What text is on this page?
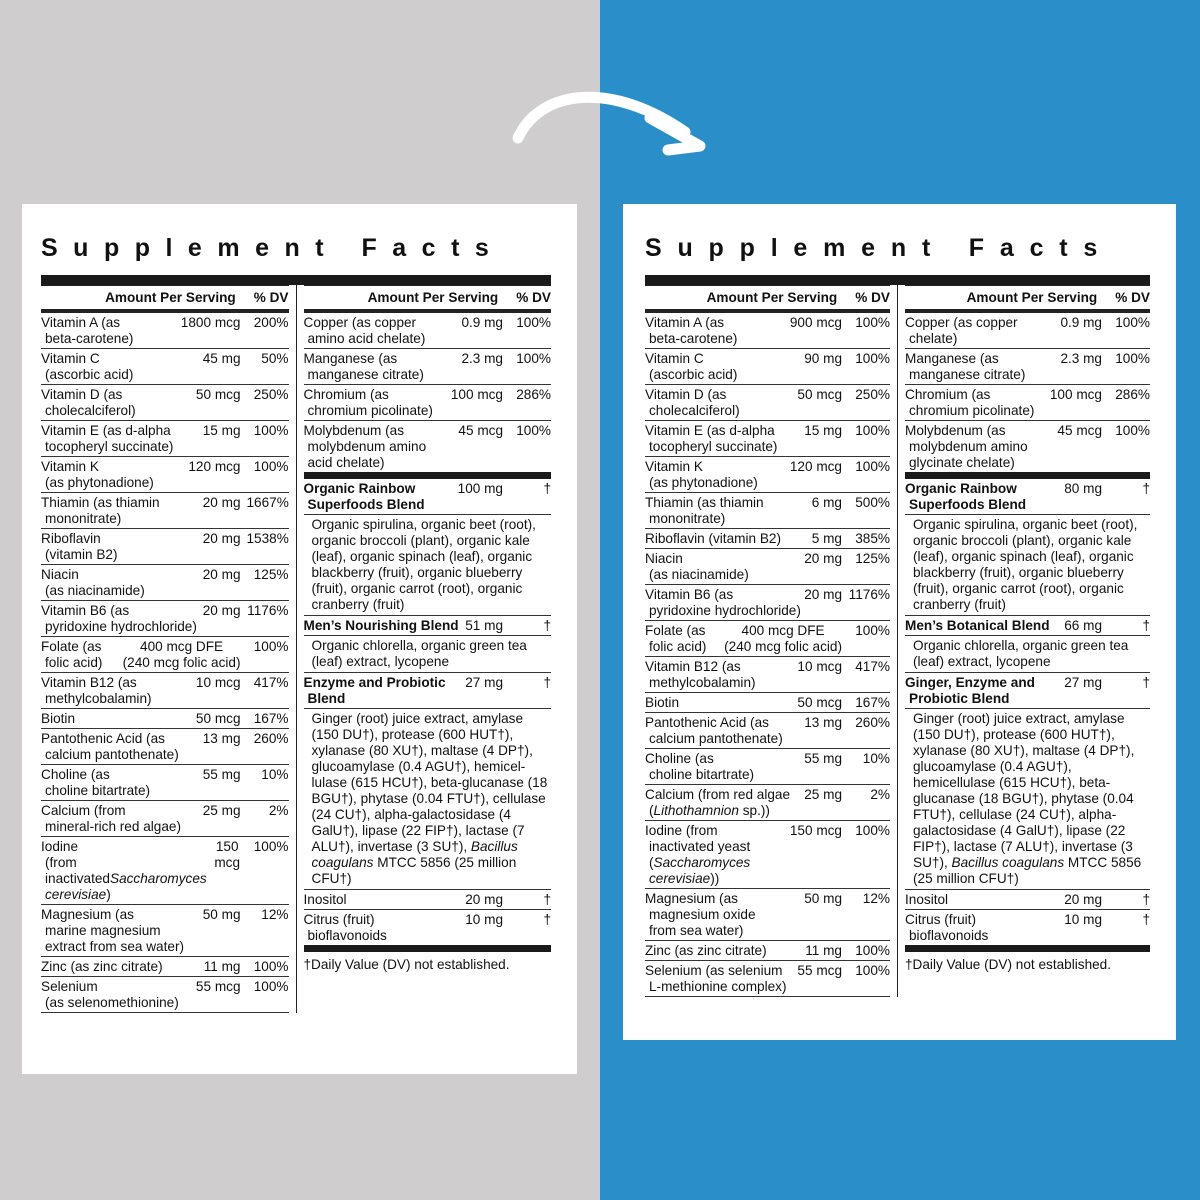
Supplement Facts
Amount Per Serving % DV
Vitamin A (as
beta-carotene)
1800 mcg 200%
Vitamin C
(ascorbic acid)
45 mg	50%
Vitamin D (as
cholecalciferol)
50 mcg 250%
Vitamin E (as d-alpha
tocopheryl succinate)
15 mg 100%
Vitamin K
(as phytonadione)
120 mcg 100%
Thiamin (as thiamin
mononitrate)
20 mg 1667%
Riboflavin
(vitamin B2)
20 mg 1538%
Niacin
(as niacinamide)
20 mg 125%
Vitamin B6 (as
pyridoxine hydrochloride)
20 mg 1176%
Folate (as
folic acid)
400 mcg DFE
(240 mcg folic acid)
100%
Vitamin B12 (as
methylcobalamin)
10 mcg 417%
Biotin	50 mcg 167%
Pantothenic Acid (as
calcium pantothenate)
13 mg 260%
Choline (as
choline bitartrate)
55 mg	10%
Calcium (from
mineral-rich red algae)
25 mg	2%
Iodine
(from inactivatedSaccharomyces cerevisiae)
150 mcg
100%
Magnesium (as
marine magnesium
extract from sea water)
50 mg	12%
Zinc (as zinc citrate)	11 mg 100%
Selenium
(as selenomethionine)
55 mcg 100%
Amount Per Serving % DV
Copper (as copper
amino acid chelate)
0.9 mg 100%
Manganese (as
manganese citrate)
2.3 mg 100%
Chromium (as
chromium picolinate)
100 mcg 286%
Molybdenum (as
molybdenum amino
acid chelate)
45 mcg 100%
Organic Rainbow
Superfoods Blend
100 mg	†
Organic spirulina, organic beet (root), organic broccoli (plant), organic kale (leaf), organic spinach (leaf), organic blackberry (fruit), organic blueberry (fruit), organic carrot (root), organic cranberry (fruit)
Men’s Nourishing Blend 51 mg	†
Organic chlorella, organic green tea (leaf) extract, lycopene
Enzyme and Probiotic
Blend
27 mg	†
Ginger (root) juice extract, amylase (150 DU†), protease (600 HUT†), xylanase (80 XU†), maltase (4 DP†), glucoamylase (0.4 AGU†), hemicel-lulase (615 HCU†), beta-glucanase (18 BGU†), phytase (0.04 FTU†), cellulase (24 CU†), alpha-galactosidase (4 GalU†), lipase (22 FIP†), lactase (7 ALU†), invertase (3 SU†), Bacillus coagulans MTCC 5856 (25 million CFU†)
Inositol	20 mg	†
Citrus (fruit)
bioflavonoids
10 mg	†
†Daily Value (DV) not established.
Supplement Facts
Amount Per Serving % DV
Vitamin A (as
beta-carotene)
900 mcg 100%
Vitamin C
(ascorbic acid)
90 mg 100%
Vitamin D (as
cholecalciferol)
50 mcg 250%
Vitamin E (as d-alpha
tocopheryl succinate)
15 mg 100%
Vitamin K
(as phytonadione)
120 mcg 100%
Thiamin (as thiamin
mononitrate)
6 mg 500%
Riboflavin (vitamin B2)	5 mg 385%
Niacin
(as niacinamide)
20 mg 125%
Vitamin B6 (as
pyridoxine hydrochloride)
20 mg 1176%
Folate (as
folic acid)
400 mcg DFE
(240 mcg folic acid)
100%
Vitamin B12 (as
methylcobalamin)
10 mcg 417%
Biotin	50 mcg 167%
Pantothenic Acid (as
calcium pantothenate)
13 mg 260%
Choline (as
choline bitartrate)
55 mg	10%
Calcium (from red algae
(Lithothamnion sp.))
25 mg	2%
Iodine (from
inactivated yeast
(Saccharomyces cerevisiae))
150 mcg 100%
Magnesium (as
magnesium oxide
from sea water)
50 mg	12%
Zinc (as zinc citrate)	11 mg 100%
Selenium (as selenium
L-methionine complex)
55 mcg 100%
Amount Per Serving % DV
Copper (as copper
chelate)
0.9 mg 100%
Manganese (as
manganese citrate)
2.3 mg 100%
Chromium (as
chromium picolinate)
100 mcg 286%
Molybdenum (as
molybdenum amino
glycinate chelate)
45 mcg 100%
Organic Rainbow
Superfoods Blend
80 mg	†
Organic spirulina, organic beet (root), organic broccoli (plant), organic kale (leaf), organic spinach (leaf), organic blackberry (fruit), organic blueberry (fruit), organic carrot (root), organic cranberry (fruit)
Men’s Botanical Blend	66 mg	†
Organic chlorella, organic green tea (leaf) extract, lycopene
Ginger, Enzyme and
Probiotic Blend
27 mg	†
Ginger (root) juice extract, amylase (150 DU†), protease (600 HUT†), xylanase (80 XU†), maltase (4 DP†), glucoamylase (0.4 AGU†), hemicellulase (615 HCU†), beta-glucanase (18 BGU†), phytase (0.04 FTU†), cellulase (24 CU†), alpha-galactosidase (4 GalU†), lipase (22 FIP†), lactase (7 ALU†), invertase (3 SU†), Bacillus coagulans MTCC 5856 (25 million CFU†)
Inositol	20 mg	†
Citrus (fruit)
bioflavonoids
10 mg	†
†Daily Value (DV) not established.
